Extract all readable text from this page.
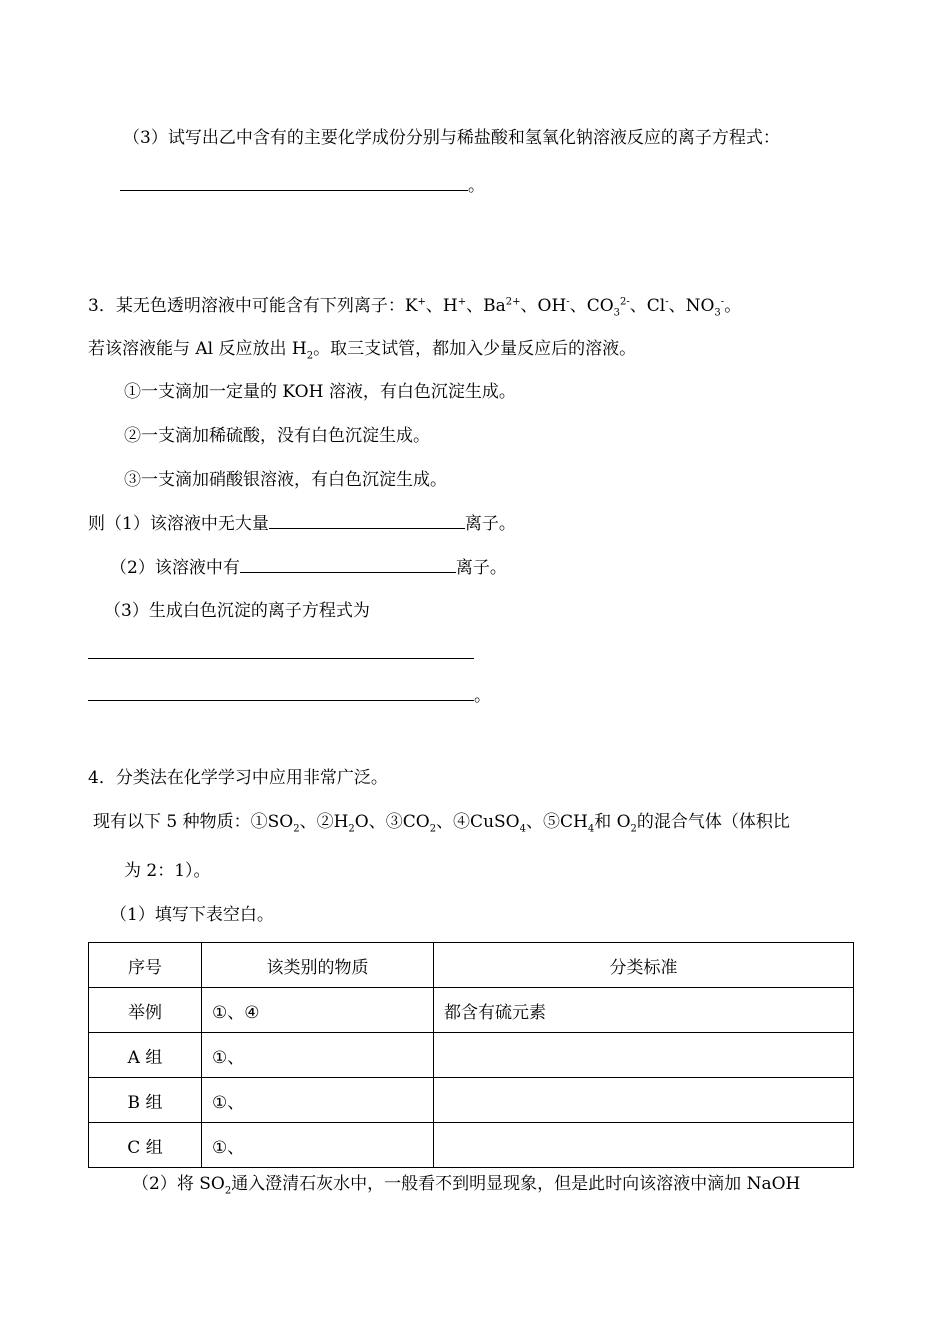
（3）试写出乙中含有的主要化学成份分别与稀盐酸和氢氧化钠溶液反应的离子方程式：
。
3．某无色透明溶液中可能含有下列离子：K+、H+、$Ba^{2+}$、OH-、$CO_3^{2-}$、Cl-、$NO_3^-$。
若该溶液能与 Al 反应放出 $H_2$。取三支试管，都加入少量反应后的溶液。
①一支滴加一定量的 KOH 溶液，有白色沉淀生成。
②一支滴加稀硫酸，没有白色沉淀生成。
③一支滴加硝酸银溶液，有白色沉淀生成。
则（1）该溶液中无大量	离子。
（2）该溶液中有	离子。
（3）生成白色沉淀的离子方程式为
。
4．分类法在化学学习中应用非常广泛。
现有以下 5 种物质：$①SO_2$、$②H_2O$、$③CO_2$、④CuSO$_4$、$⑤CH_4$和 $O_2$的混合气体（体积比
为 2：1）。
（1）填写下表空白。
序号	该类别的物质	分类标准
举例	①、④	都含有硫元素
A 组	①、	
B 组	①、	
C 组	①、	
（2）将 $SO_2$通入澄清石灰水中，一般看不到明显现象，但是此时向该溶液中滴加 NaOH
